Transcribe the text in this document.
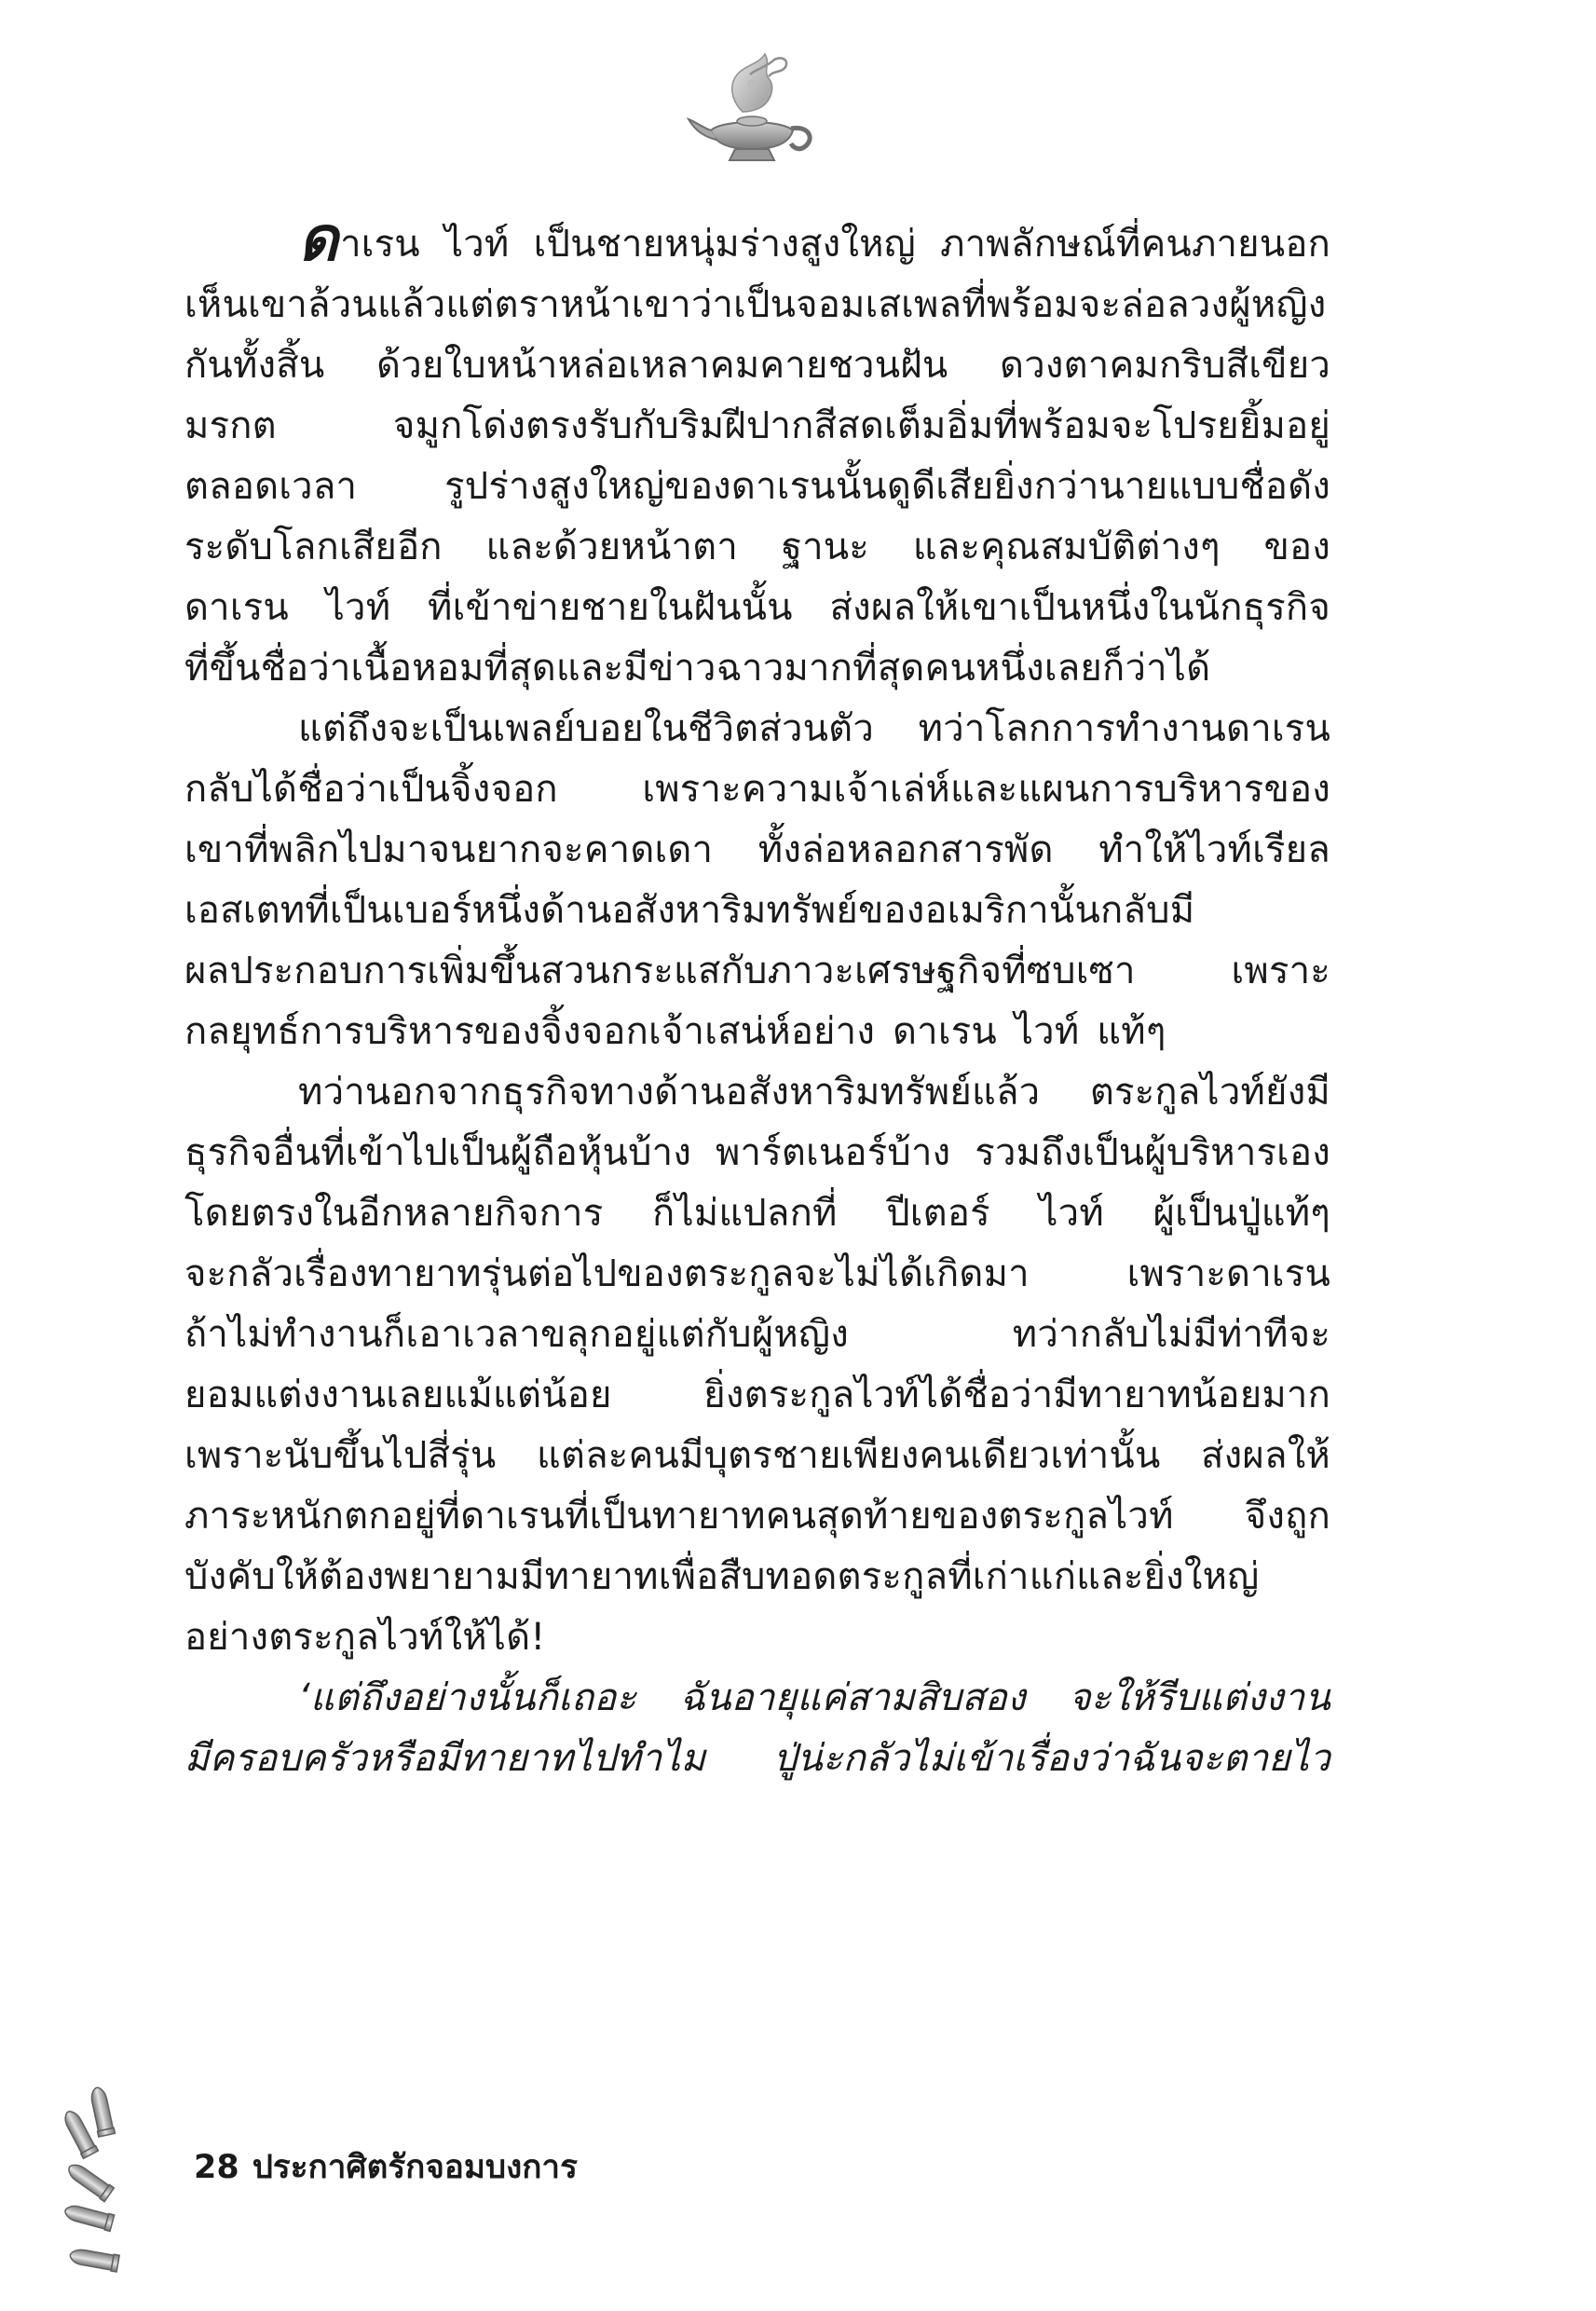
ดาเรน ไวท์ เป็นชายหนุ่มร่างสูงใหญ่ ภาพลักษณ์ที่คนภายนอก
เห็นเขาล้วนแล้วแต่ตราหน้าเขาว่าเป็นจอมเสเพลที่พร้อมจะล่อลวงผู้หญิง
กันทั้งสิ้น ด้วยใบหน้าหล่อเหลาคมคายชวนฝัน ดวงตาคมกริบสีเขียว
มรกต จมูกโด่งตรงรับกับริมฝีปากสีสดเต็มอิ่มที่พร้อมจะโปรยยิ้มอยู่
ตลอดเวลา รูปร่างสูงใหญ่ของดาเรนนั้นดูดีเสียยิ่งกว่านายแบบชื่อดัง
ระดับโลกเสียอีก และด้วยหน้าตา ฐานะ และคุณสมบัติต่างๆ ของ
ดาเรน ไวท์ ที่เข้าข่ายชายในฝันนั้น ส่งผลให้เขาเป็นหนึ่งในนักธุรกิจ
ที่ขึ้นชื่อว่าเนื้อหอมที่สุดและมีข่าวฉาวมากที่สุดคนหนึ่งเลยก็ว่าได้
แต่ถึงจะเป็นเพลย์บอยในชีวิตส่วนตัว ทว่าโลกการทำงานดาเรน
กลับได้ชื่อว่าเป็นจิ้งจอก เพราะความเจ้าเล่ห์และแผนการบริหารของ
เขาที่พลิกไปมาจนยากจะคาดเดา ทั้งล่อหลอกสารพัด ทำให้ไวท์เรียล
เอสเตทที่เป็นเบอร์หนึ่งด้านอสังหาริมทรัพย์ของอเมริกานั้นกลับมี
ผลประกอบการเพิ่มขึ้นสวนกระแสกับภาวะเศรษฐกิจที่ซบเซา เพราะ
กลยุทธ์การบริหารของจิ้งจอกเจ้าเสน่ห์อย่าง ดาเรน ไวท์ แท้ๆ
ทว่านอกจากธุรกิจทางด้านอสังหาริมทรัพย์แล้ว ตระกูลไวท์ยังมี
ธุรกิจอื่นที่เข้าไปเป็นผู้ถือหุ้นบ้าง พาร์ตเนอร์บ้าง รวมถึงเป็นผู้บริหารเอง
โดยตรงในอีกหลายกิจการ ก็ไม่แปลกที่ ปีเตอร์ ไวท์ ผู้เป็นปู่แท้ๆ
จะกลัวเรื่องทายาทรุ่นต่อไปของตระกูลจะไม่ได้เกิดมา เพราะดาเรน
ถ้าไม่ทำงานก็เอาเวลาขลุกอยู่แต่กับผู้หญิง ทว่ากลับไม่มีท่าทีจะ
ยอมแต่งงานเลยแม้แต่น้อย ยิ่งตระกูลไวท์ได้ชื่อว่ามีทายาทน้อยมาก
เพราะนับขึ้นไปสี่รุ่น แต่ละคนมีบุตรชายเพียงคนเดียวเท่านั้น ส่งผลให้
ภาระหนักตกอยู่ที่ดาเรนที่เป็นทายาทคนสุดท้ายของตระกูลไวท์ จึงถูก
บังคับให้ต้องพยายามมีทายาทเพื่อสืบทอดตระกูลที่เก่าแก่และยิ่งใหญ่
อย่างตระกูลไวท์ให้ได้!
‘แต่ถึงอย่างนั้นก็เถอะ ฉันอายุแค่สามสิบสอง จะให้รีบแต่งงาน
มีครอบครัวหรือมีทายาทไปทำไม ปู่น่ะกลัวไม่เข้าเรื่องว่าฉันจะตายไว
28 ประกาศิตรักจอมบงการ
